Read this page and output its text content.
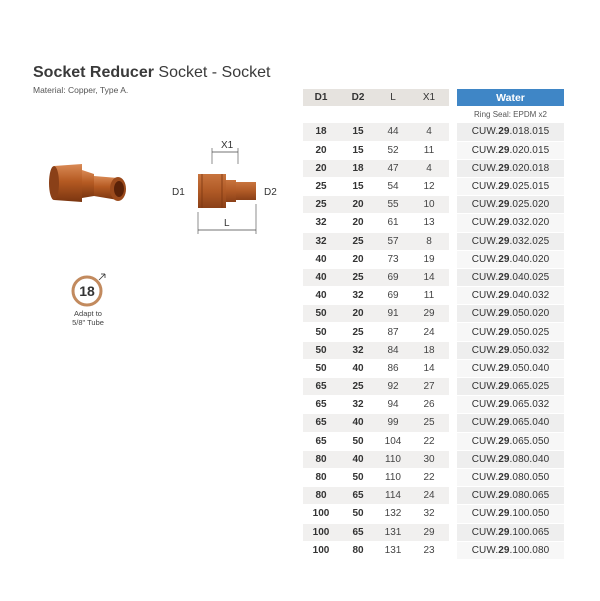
Socket Reducer Socket - Socket
Material: Copper, Type A.
X1
D1	D2
L
18
Adapt to
5/8" Tube
D1	D2	L	X1		Water
					Ring Seal: EPDM x2
18	15	44	4		CUW.29.018.015
20	15	52	11		CUW.29.020.015
20	18	47	4		CUW.29.020.018
25	15	54	12		CUW.29.025.015
25	20	55	10		CUW.29.025.020
32	20	61	13		CUW.29.032.020
32	25	57	8		CUW.29.032.025
40	20	73	19		CUW.29.040.020
40	25	69	14		CUW.29.040.025
40	32	69	11		CUW.29.040.032
50	20	91	29		CUW.29.050.020
50	25	87	24		CUW.29.050.025
50	32	84	18		CUW.29.050.032
50	40	86	14		CUW.29.050.040
65	25	92	27		CUW.29.065.025
65	32	94	26		CUW.29.065.032
65	40	99	25		CUW.29.065.040
65	50	104	22		CUW.29.065.050
80	40	110	30		CUW.29.080.040
80	50	110	22		CUW.29.080.050
80	65	114	24		CUW.29.080.065
100	50	132	32		CUW.29.100.050
100	65	131	29		CUW.29.100.065
100	80	131	23		CUW.29.100.080
